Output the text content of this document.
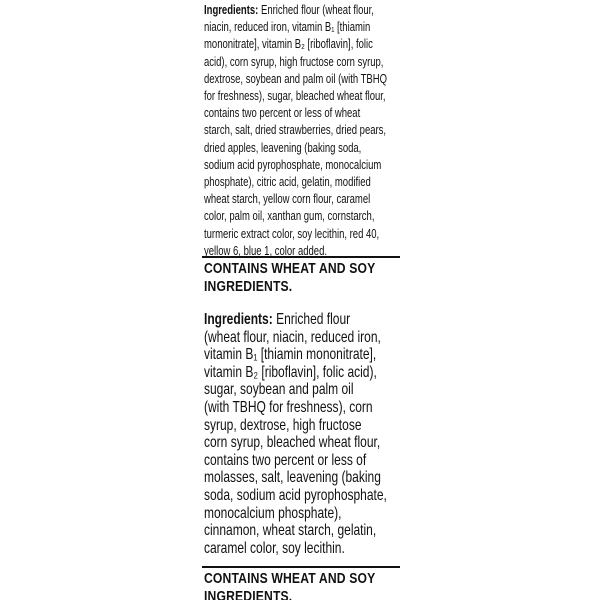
Ingredients: Enriched flour (wheat flour,
niacin, reduced iron, vitamin B₁ [thiamin
mononitrate], vitamin B₂ [riboflavin], folic
acid), corn syrup, high fructose corn syrup,
dextrose, soybean and palm oil (with TBHQ
for freshness), sugar, bleached wheat flour,
contains two percent or less of wheat
starch, salt, dried strawberries, dried pears,
dried apples, leavening (baking soda,
sodium acid pyrophosphate, monocalcium
phosphate), citric acid, gelatin, modified
wheat starch, yellow corn flour, caramel
color, palm oil, xanthan gum, cornstarch,
turmeric extract color, soy lecithin, red 40,
yellow 6, blue 1, color added.
Ingredients: Enriched flour
(wheat flour, niacin, reduced iron,
vitamin B₁ [thiamin mononitrate],
vitamin B₂ [riboflavin], folic acid),
sugar, soybean and palm oil
(with TBHQ for freshness), corn
syrup, dextrose, high fructose
corn syrup, bleached wheat flour,
contains two percent or less of
molasses, salt, leavening (baking
soda, sodium acid pyrophosphate,
monocalcium phosphate),
cinnamon, wheat starch, gelatin,
caramel color, soy lecithin.
CONTAINS WHEAT AND SOY
INGREDIENTS.
CONTAINS WHEAT AND SOY
INGREDIENTS.
